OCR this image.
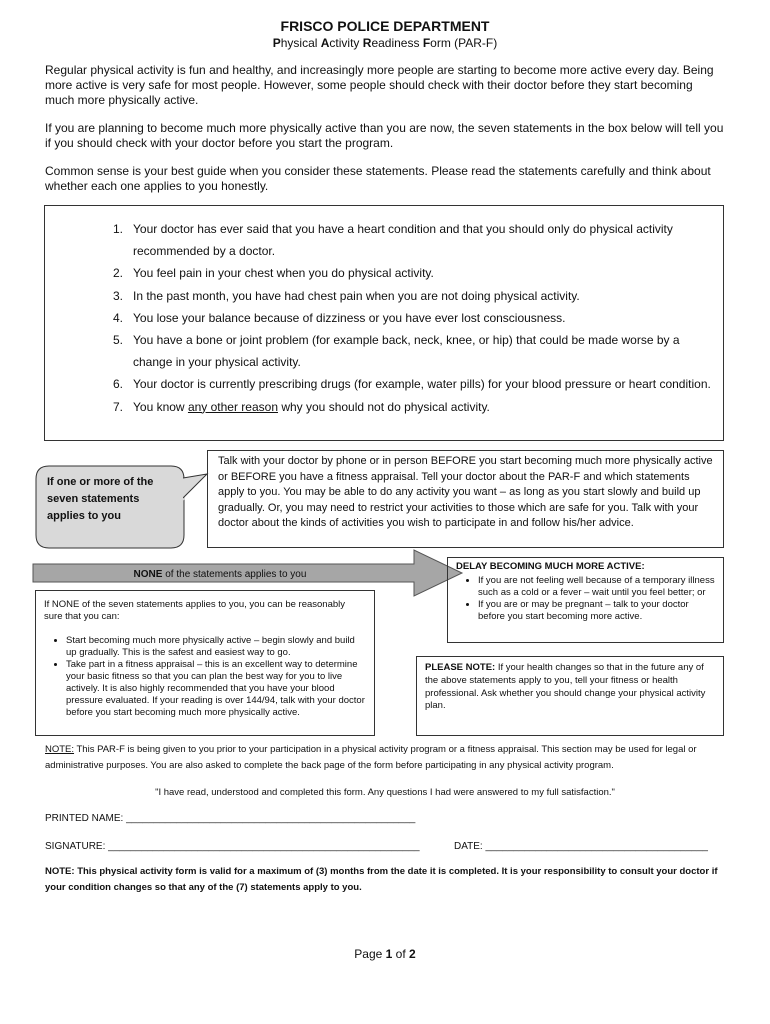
FRISCO POLICE DEPARTMENT
Physical Activity Readiness Form (PAR-F)
Regular physical activity is fun and healthy, and increasingly more people are starting to become more active every day. Being more active is very safe for most people. However, some people should check with their doctor before they start becoming much more physically active.
If you are planning to become much more physically active than you are now, the seven statements in the box below will tell you if you should check with your doctor before you start the program.
Common sense is your best guide when you consider these statements. Please read the statements carefully and think about whether each one applies to you honestly.
1. Your doctor has ever said that you have a heart condition and that you should only do physical activity recommended by a doctor.
2. You feel pain in your chest when you do physical activity.
3. In the past month, you have had chest pain when you are not doing physical activity.
4. You lose your balance because of dizziness or you have ever lost consciousness.
5. You have a bone or joint problem (for example back, neck, knee, or hip) that could be made worse by a change in your physical activity.
6. Your doctor is currently prescribing drugs (for example, water pills) for your blood pressure or heart condition.
7. You know any other reason why you should not do physical activity.
If one or more of the seven statements applies to you
Talk with your doctor by phone or in person BEFORE you start becoming much more physically active or BEFORE you have a fitness appraisal. Tell your doctor about the PAR-F and which statements apply to you. You may be able to do any activity you want – as long as you start slowly and build up gradually. Or, you may need to restrict your activities to those which are safe for you. Talk with your doctor about the kinds of activities you wish to participate in and follow his/her advice.
NONE of the statements applies to you
If NONE of the seven statements applies to you, you can be reasonably sure that you can:
• Start becoming much more physically active – begin slowly and build up gradually. This is the safest and easiest way to go.
• Take part in a fitness appraisal – this is an excellent way to determine your basic fitness so that you can plan the best way for you to live actively. It is also highly recommended that you have your blood pressure evaluated. If your reading is over 144/94, talk with your doctor before you start becoming much more physically active.
DELAY BECOMING MUCH MORE ACTIVE:
• If you are not feeling well because of a temporary illness such as a cold or a fever – wait until you feel better; or
• If you are or may be pregnant – talk to your doctor before you start becoming more active.
PLEASE NOTE: If your health changes so that in the future any of the above statements apply to you, tell your fitness or health professional. Ask whether you should change your physical activity plan.
NOTE: This PAR-F is being given to you prior to your participation in a physical activity program or a fitness appraisal. This section may be used for legal or administrative purposes. You are also asked to complete the back page of the form before participating in any physical activity program.
"I have read, understood and completed this form. Any questions I had were answered to my full satisfaction."
PRINTED NAME: ____________________________________________________
SIGNATURE: ________________________________________________________	DATE: ________________________________________
NOTE: This physical activity form is valid for a maximum of (3) months from the date it is completed. It is your responsibility to consult your doctor if your condition changes so that any of the (7) statements apply to you.
Page 1 of 2
